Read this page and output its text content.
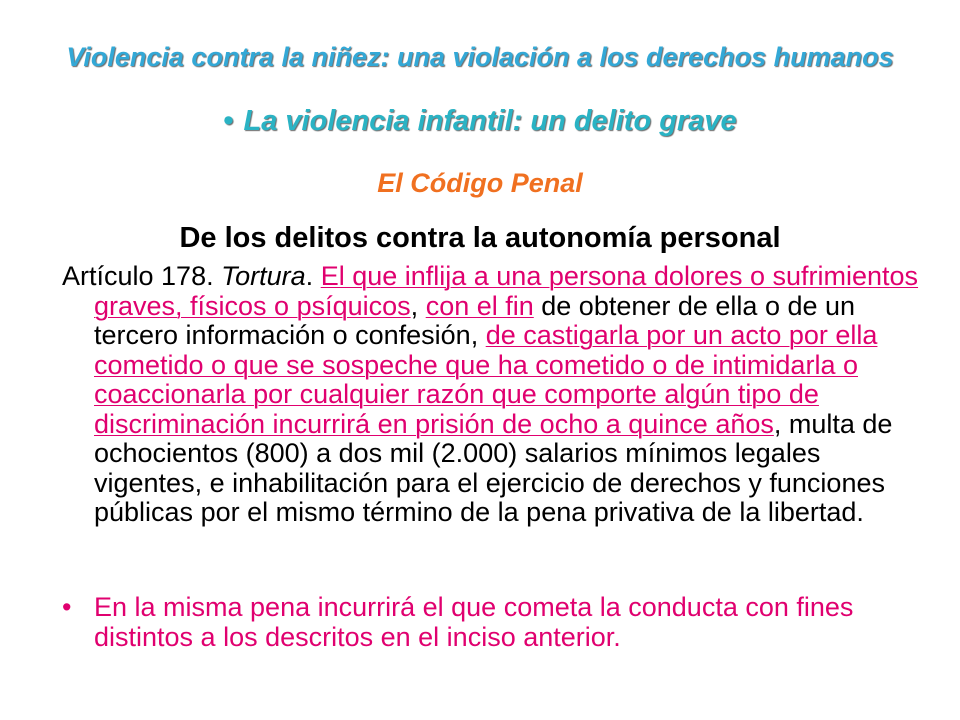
Violencia contra la niñez: una violación a los derechos humanos
• La violencia infantil: un delito grave
El Código Penal
De los delitos contra la autonomía personal

Artículo 178. Tortura. El que inflija a una persona dolores o sufrimientos graves, físicos o psíquicos, con el fin de obtener de ella o de un tercero información o confesión, de castigarla por un acto por ella cometido o que se sospeche que ha cometido o de intimidarla o coaccionarla por cualquier razón que comporte algún tipo de discriminación incurrirá en prisión de ocho a quince años, multa de ochocientos (800) a dos mil (2.000) salarios mínimos legales vigentes, e inhabilitación para el ejercicio de derechos y funciones públicas por el mismo término de la pena privativa de la libertad.

• En la misma pena incurrirá el que cometa la conducta con fines distintos a los descritos en el inciso anterior.
